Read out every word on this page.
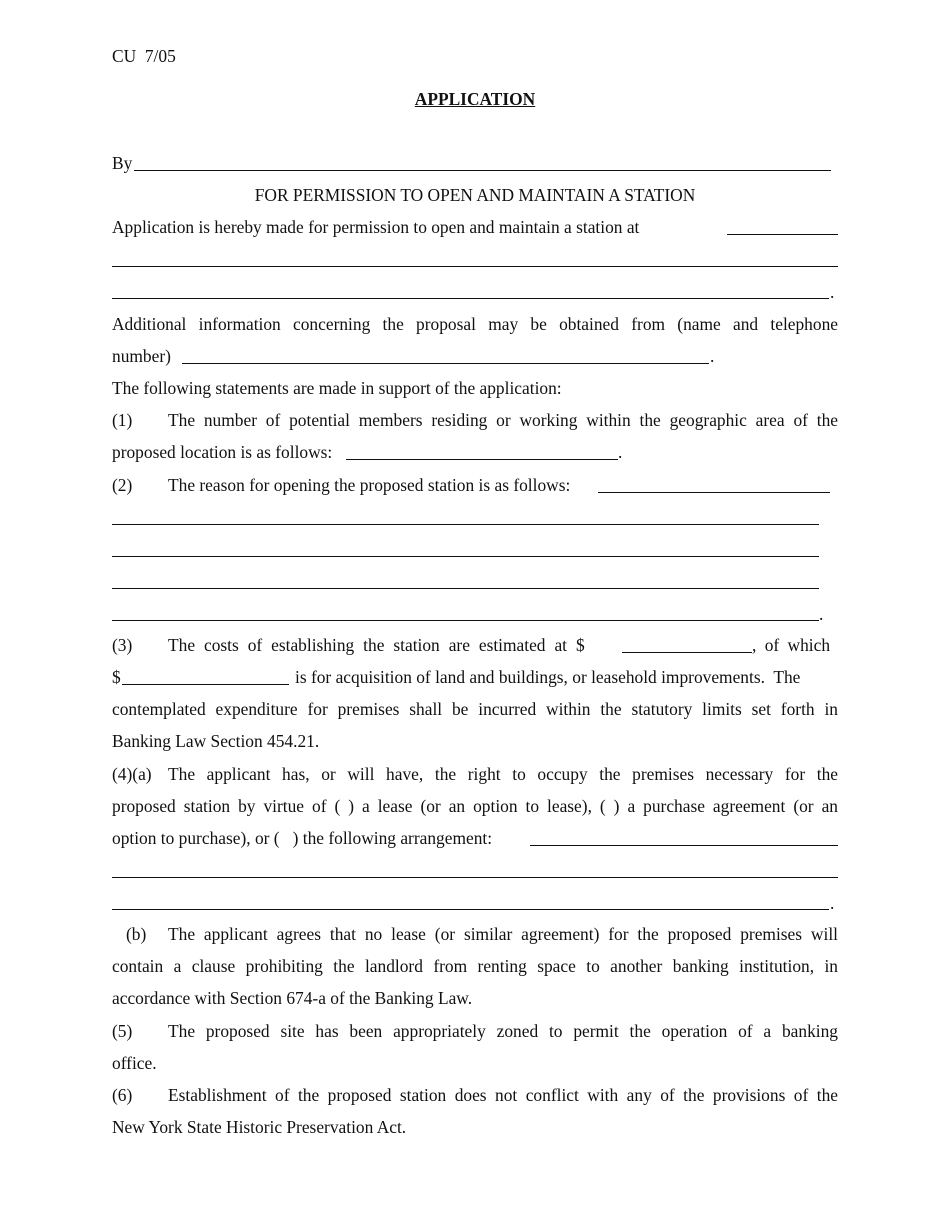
CU  7/05
APPLICATION
By
FOR PERMISSION TO OPEN AND MAINTAIN A STATION
Application is hereby made for permission to open and maintain a station at
.
Additional information concerning the proposal may be obtained from (name and telephone
number)	.
The following statements are made in support of the application:
(1) The number of potential members residing or working within the geographic area of the
proposed location is as follows:	.
(2) The reason for opening the proposed station is as follows:
.
(3) The costs of establishing the station are estimated at $	, of which
$	is for acquisition of land and buildings, or leasehold improvements.  The
contemplated expenditure for premises shall be incurred within the statutory limits set forth in
Banking Law Section 454.21.
(4)(a) The applicant has, or will have, the right to occupy the premises necessary for the
proposed station by virtue of ( ) a lease (or an option to lease), ( ) a purchase agreement (or an
option to purchase), or (   ) the following arrangement:
.
(b) The applicant agrees that no lease (or similar agreement) for the proposed premises will
contain a clause prohibiting the landlord from renting space to another banking institution, in
accordance with Section 674-a of the Banking Law.
(5) The proposed site has been appropriately zoned to permit the operation of a banking
office.
(6) Establishment of the proposed station does not conflict with any of the provisions of the
New York State Historic Preservation Act.
